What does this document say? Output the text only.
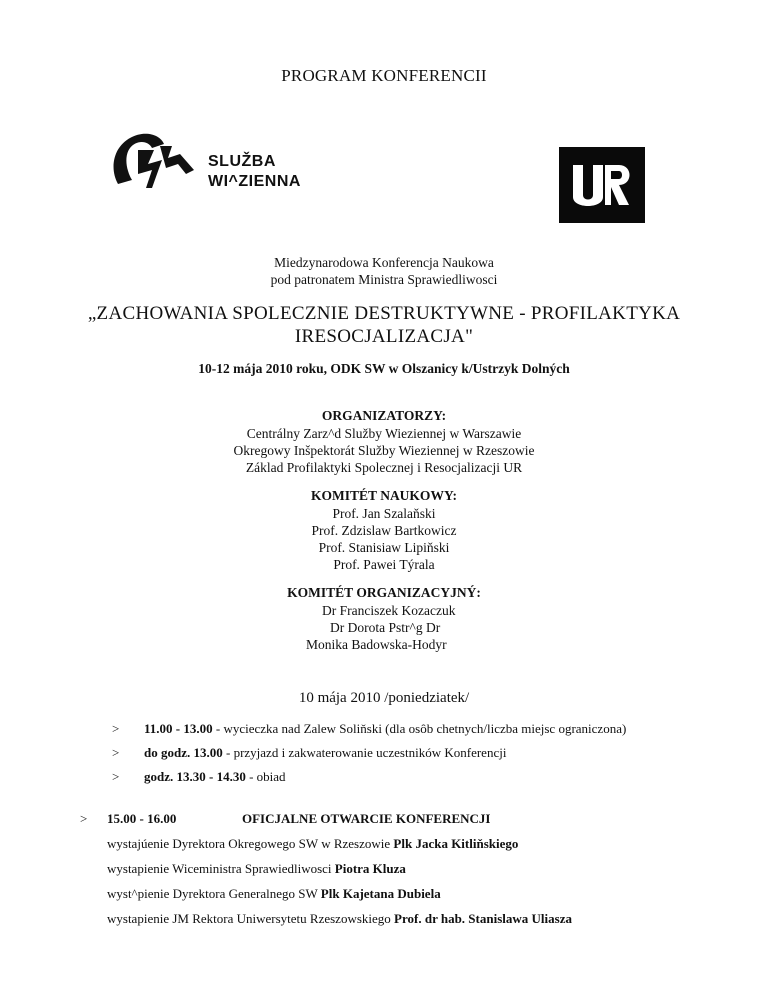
PROGRAM KONFERENCII
SLUŽBA
WI^ZIENNA
Miedzynarodowa Konferencja Naukowa
pod patronatem Ministra Sprawiedliwosci
„ZACHOWANIA SPOLECZNIE DESTRUKTYWNE - PROFILAKTYKA
IRESOCJALIZACJA"
10-12 mája 2010 roku, ODK SW w Olszanicy k/Ustrzyk Dolných
ORGANIZATORZY:
Centrálny Zarz^d Služby Wieziennej w Warszawie
Okregowy Inšpektorát Služby Wieziennej w Rzeszowie
Základ Profilaktyki Spolecznej i Resocjalizacji UR
KOMITÉT NAUKOWY:
Prof. Jan Szalaňski
Prof. Zdzislaw Bartkowicz
Prof. Stanisiaw Lipiňski
Prof. Pawei Týrala
KOMITÉT ORGANIZACYJNÝ:
Dr Franciszek Kozaczuk
Dr Dorota Pstr^g Dr
Monika Badowska-Hodyr
10 mája 2010 /poniedziatek/
> 11.00 - 13.00 - wycieczka nad Zalew Soliňski (dla osôb chetnych/liczba miejsc ograniczona)
> do godz. 13.00 - przyjazd i zakwaterowanie uczestników Konferencji
> godz. 13.30 - 14.30 - obiad
> 15.00 - 16.00	OFICJALNE OTWARCIE KONFERENCJI
wystajúenie Dyrektora Okregowego SW w Rzeszowie Plk Jacka Kitliňskiego
wystapienie Wiceministra Sprawiedliwosci Piotra Kluza
wyst^pienie Dyrektora Generalnego SW Plk Kajetana Dubiela
wystapienie JM Rektora Uniwersytetu Rzeszowskiego Prof. dr hab. Stanislawa Uliasza
